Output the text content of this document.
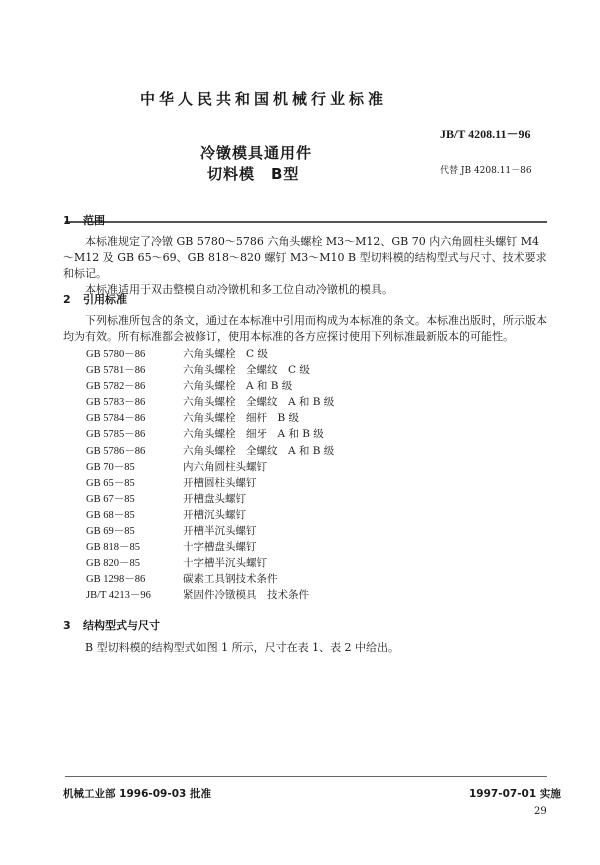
中华人民共和国机械行业标准
JB/T 4208.11－96
冷镦模具通用件
切料模　B型	代替 JB 4208.11－86
1 范围

本标准规定了冷镦 GB 5780～5786 六角头螺栓 M3～M12、GB 70 内六角圆柱头螺钉 M4～M12 及 GB 65～69、GB 818～820 螺钉 M3～M10 B 型切料模的结构型式与尺寸、技术要求和标记。

本标准适用于双击整模自动冷镦机和多工位自动冷镦机的模具。

2 引用标准

下列标准所包含的条文，通过在本标准中引用而构成为本标准的条文。本标准出版时，所示版本均为有效。所有标准都会被修订，使用本标准的各方应探讨使用下列标准最新版本的可能性。

GB 5780－86	六角头螺栓　C 级
GB 5781－86	六角头螺栓　全螺纹　C 级
GB 5782－86	六角头螺栓　A 和 B 级
GB 5783－86	六角头螺栓　全螺纹　A 和 B 级
GB 5784－86	六角头螺栓　细杆　B 级
GB 5785－86	六角头螺栓　细牙　A 和 B 级
GB 5786－86	六角头螺栓　全螺纹　A 和 B 级
GB 70－85	内六角圆柱头螺钉
GB 65－85	开槽圆柱头螺钉
GB 67－85	开槽盘头螺钉
GB 68－85	开槽沉头螺钉
GB 69－85	开槽半沉头螺钉
GB 818－85	十字槽盘头螺钉
GB 820－85	十字槽半沉头螺钉
GB 1298－86	碳素工具钢技术条件
JB/T 4213－96	紧固件冷镦模具　技术条件
3 结构型式与尺寸

B 型切料模的结构型式如图 1 所示，尺寸在表 1、表 2 中给出。

机械工业部 1996-09-03 批准	1997-07-01 实施
29
